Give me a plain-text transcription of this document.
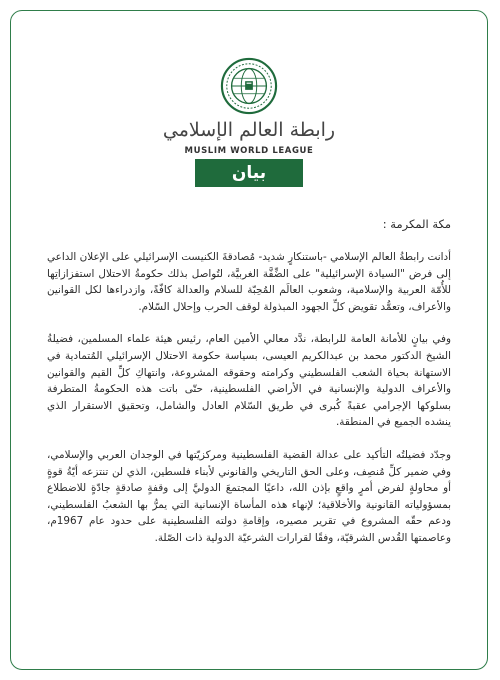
رابطة العالم الإسلامي
MUSLIM WORLD LEAGUE
بيان

مكة المكرمة :

أدانت رابطةُ العالم الإسلامي -باستنكارٍ شديد- مُصادقةَ الكنيست الإسرائيلي على الإعلان الداعي إلى فرض "السيادة الإسرائيلية" على الضِّفَّة الغربيَّة، لتُواصل بذلك حكومةُ الاحتلال استفزازاتِها للأُمّة العربية والإسلامية، وشعوب العالَم المُحِبّة للسلام والعدالة كافّةً، وازدراءها لكل القوانين والأعراف، وتعمُّد تقويض كلِّ الجهود المبذولة لوقف الحرب وإحلال السّلام.

وفي بيانٍ للأمانة العامة للرابطة، ندَّد معالي الأمين العام، رئيس هيئة علماء المسلمين، فضيلةُ الشيخ الدكتور محمد بن عبدالكريم العيسى، بسياسة حكومة الاحتلال الإسرائيلي المُتمادية في الاستهانة بحياة الشعب الفلسطيني وكرامته وحقوقه المشروعة، وانتهاكِ كلِّ القيم والقوانين والأعراف الدولية والإنسانية في الأراضي الفلسطينية، حتّى باتت هذه الحكومةُ المتطرفة بسلوكها الإجرامي عقبةً كُبرى في طريق السّلام العادل والشامل، وتحقيق الاستقرار الذي ينشده الجميع في المنطقة.

وجدّد فضيلتُه التأكيد على عدالة القضية الفلسطينية ومركزيّتها في الوجدان العربي والإسلامي، وفي ضمير كلِّ مُنصِف، وعلى الحق التاريخي والقانوني لأبناء فلسطين، الذي لن تنتزعه أيّةُ قوةٍ أو محاولةٍ لفرض أمرٍ واقعٍ بإذن الله، داعيًا المجتمعَ الدوليَّ إلى وقفةٍ صادقةٍ جادّةٍ للاضطلاع بمسؤولياته القانونية والأخلاقية؛ لإنهاء هذه المأساة الإنسانية التي يمرُّ بها الشعبُ الفلسطيني، ودعم حقّه المشروع في تقرير مصيره، وإقامةِ دولته الفلسطينية على حدود عام 1967م، وعاصمتها القُدس الشرقيّة، وفقًا لقرارات الشرعيّة الدولية ذات الصّلة.
